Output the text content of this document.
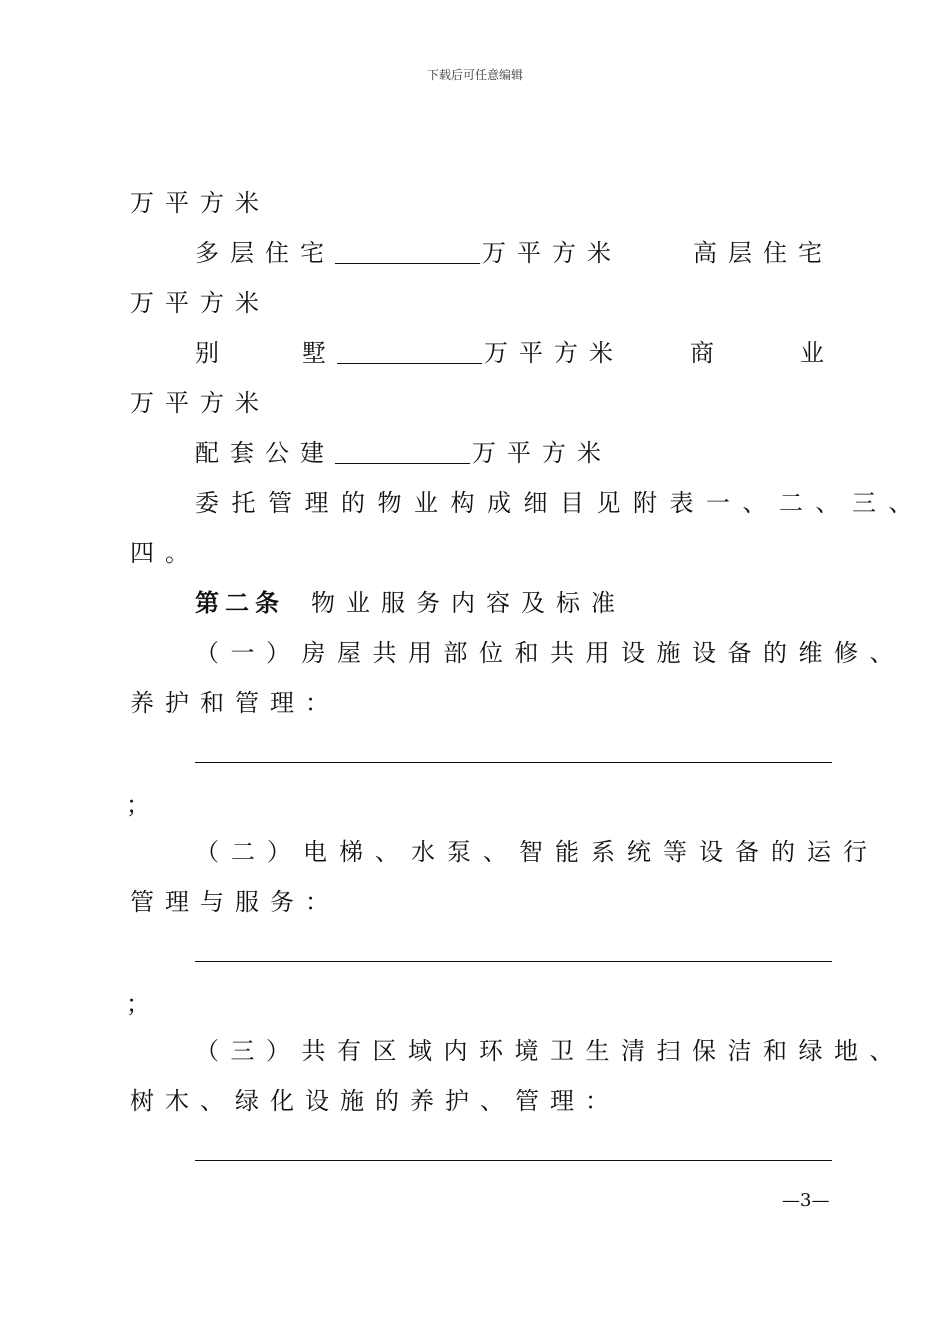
下载后可任意编辑
万平方米
多层住宅	万平方米	高层住宅
万平方米
别	墅	万平方米	商	业
万平方米
配套公建	万平方米
委托管理的物业构成细目见附表一、二、三、
四。
第二条 物业服务内容及标准
（一）房屋共用部位和共用设施设备的维修、
养护和管理：
；
（二）电梯、水泵、智能系统等设备的运行
管理与服务：
；
（三）共有区域内环境卫生清扫保洁和绿地、
树木、绿化设施的养护、管理：
—3—
